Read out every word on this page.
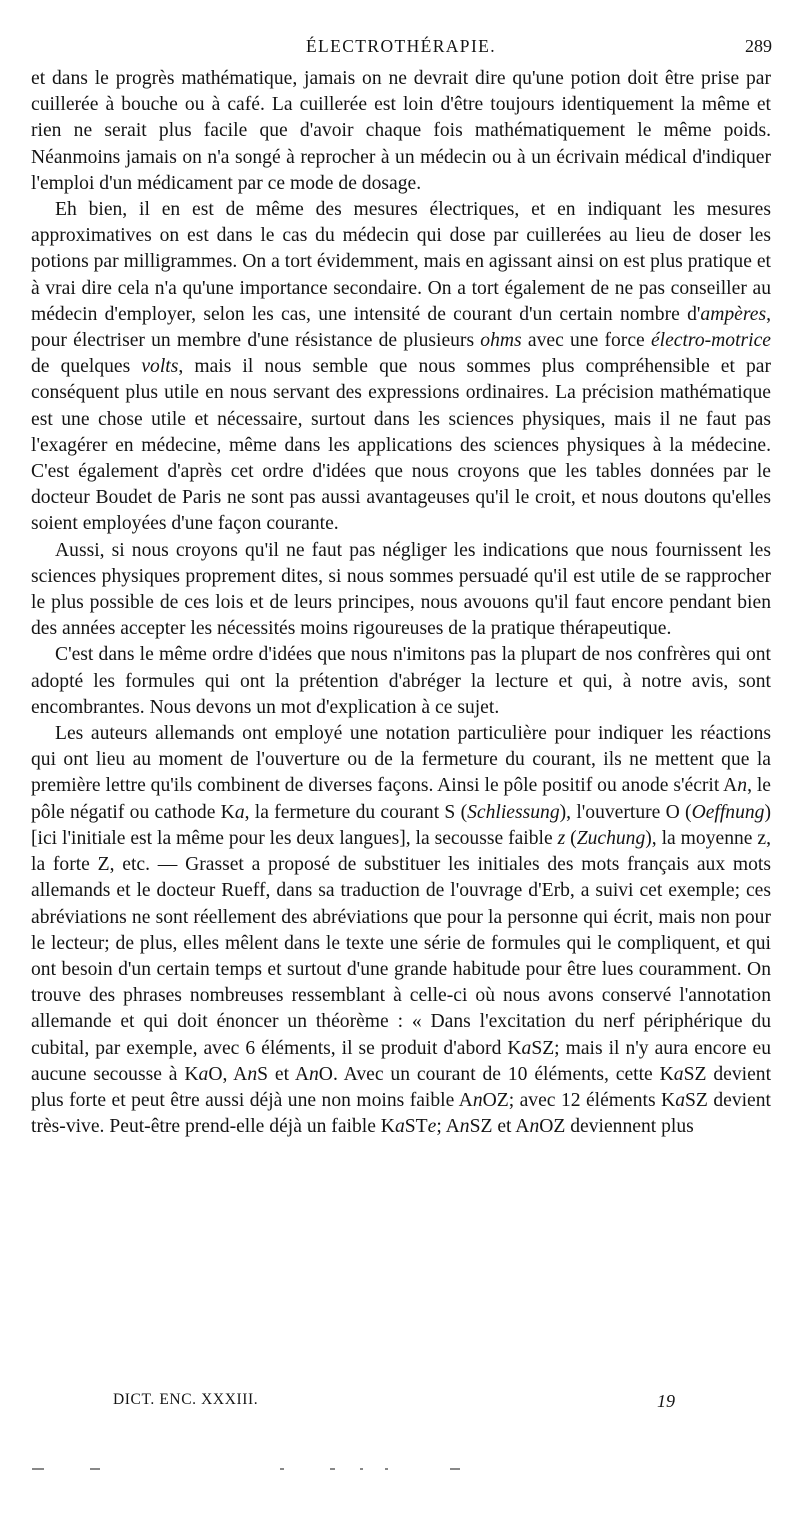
ÉLECTROTHÉRAPIE.	289

et dans le progrès mathématique, jamais on ne devrait dire qu'une potion doit être prise par cuillerée à bouche ou à café. La cuillerée est loin d'être toujours identiquement la même et rien ne serait plus facile que d'avoir chaque fois mathématiquement le même poids. Néanmoins jamais on n'a songé à reprocher à un médecin ou à un écrivain médical d'indiquer l'emploi d'un médicament par ce mode de dosage.

Eh bien, il en est de même des mesures électriques, et en indiquant les mesures approximatives on est dans le cas du médecin qui dose par cuillerées au lieu de doser les potions par milligrammes. On a tort évidemment, mais en agissant ainsi on est plus pratique et à vrai dire cela n'a qu'une importance secondaire. On a tort également de ne pas conseiller au médecin d'employer, selon les cas, une intensité de courant d'un certain nombre d'ampères, pour électriser un membre d'une résistance de plusieurs ohms avec une force électro-motrice de quelques volts, mais il nous semble que nous sommes plus compréhensible et par conséquent plus utile en nous servant des expressions ordinaires. La précision mathématique est une chose utile et nécessaire, surtout dans les sciences physiques, mais il ne faut pas l'exagérer en médecine, même dans les applications des sciences physiques à la médecine. C'est également d'après cet ordre d'idées que nous croyons que les tables données par le docteur Boudet de Paris ne sont pas aussi avantageuses qu'il le croit, et nous doutons qu'elles soient employées d'une façon courante.

Aussi, si nous croyons qu'il ne faut pas négliger les indications que nous fournissent les sciences physiques proprement dites, si nous sommes persuadé qu'il est utile de se rapprocher le plus possible de ces lois et de leurs principes, nous avouons qu'il faut encore pendant bien des années accepter les nécessités moins rigoureuses de la pratique thérapeutique.

C'est dans le même ordre d'idées que nous n'imitons pas la plupart de nos confrères qui ont adopté les formules qui ont la prétention d'abréger la lecture et qui, à notre avis, sont encombrantes. Nous devons un mot d'explication à ce sujet.

Les auteurs allemands ont employé une notation particulière pour indiquer les réactions qui ont lieu au moment de l'ouverture ou de la fermeture du courant, ils ne mettent que la première lettre qu'ils combinent de diverses façons. Ainsi le pôle positif ou anode s'écrit An, le pôle négatif ou cathode Ka, la fermeture du courant S (Schliessung), l'ouverture O (Oeffnung) [ici l'initiale est la même pour les deux langues], la secousse faible z (Zuchung), la moyenne z, la forte Z, etc. — Grasset a proposé de substituer les initiales des mots français aux mots allemands et le docteur Rueff, dans sa traduction de l'ouvrage d'Erb, a suivi cet exemple; ces abréviations ne sont réellement des abréviations que pour la personne qui écrit, mais non pour le lecteur; de plus, elles mêlent dans le texte une série de formules qui le compliquent, et qui ont besoin d'un certain temps et surtout d'une grande habitude pour être lues couramment. On trouve des phrases nombreuses ressemblant à celle-ci où nous avons conservé l'annotation allemande et qui doit énoncer un théorème : « Dans l'excitation du nerf périphérique du cubital, par exemple, avec 6 éléments, il se produit d'abord KaSZ; mais il n'y aura encore eu aucune secousse à KaO, AnS et AnO. Avec un courant de 10 éléments, cette KaSZ devient plus forte et peut être aussi déjà une non moins faible AnOZ; avec 12 éléments KaSZ devient très-vive. Peut-être prend-elle déjà un faible KaSTe; AnSZ et AnOZ deviennent plus

DICT. ENC. XXXIII.	19
